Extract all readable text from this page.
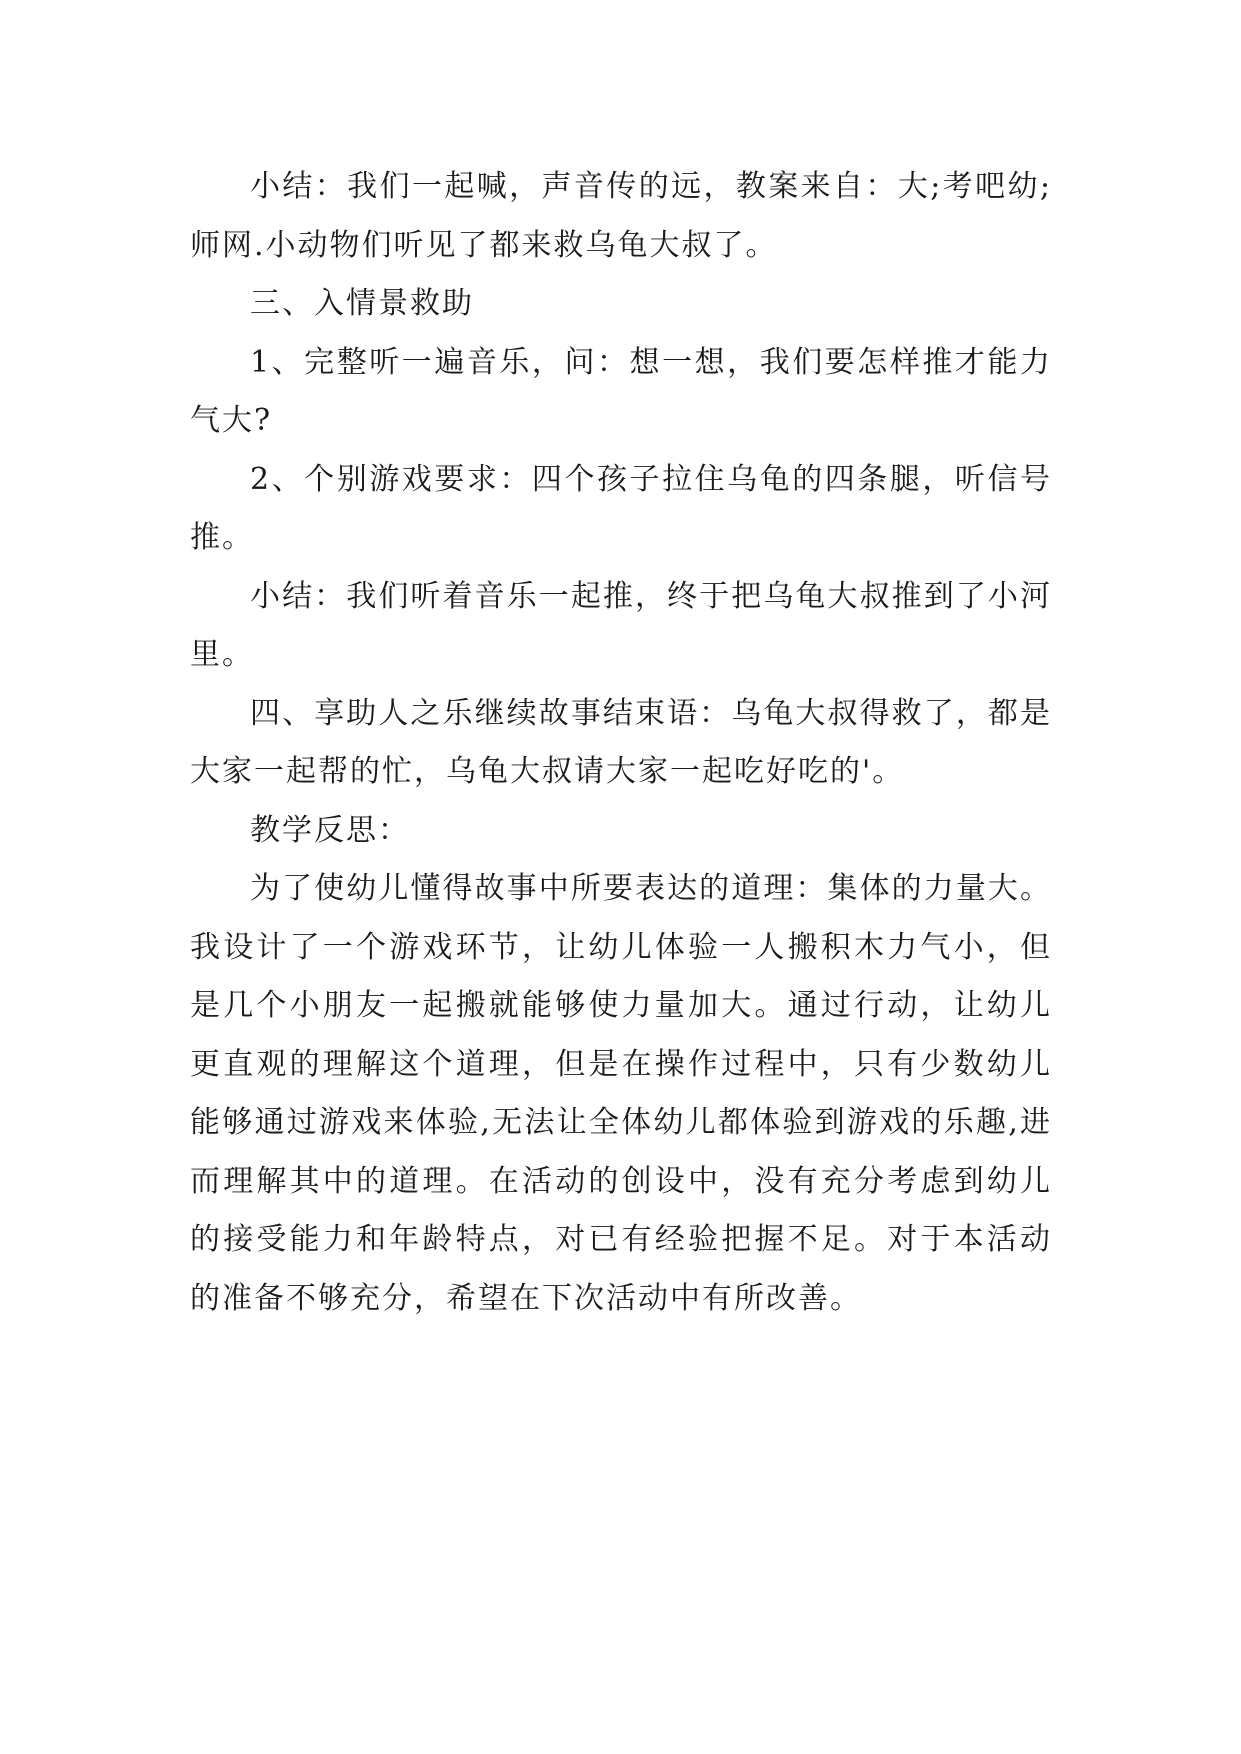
小结：我们一起喊，声音传的远，教案来自：大;考吧幼;师网.小动物们听见了都来救乌龟大叔了。

三、入情景救助

1、完整听一遍音乐，问：想一想，我们要怎样推才能力气大?

2、个别游戏要求：四个孩子拉住乌龟的四条腿，听信号推。

小结：我们听着音乐一起推，终于把乌龟大叔推到了小河里。

四、享助人之乐继续故事结束语：乌龟大叔得救了，都是大家一起帮的忙，乌龟大叔请大家一起吃好吃的'。

教学反思：

为了使幼儿懂得故事中所要表达的道理：集体的力量大。我设计了一个游戏环节，让幼儿体验一人搬积木力气小，但是几个小朋友一起搬就能够使力量加大。通过行动，让幼儿更直观的理解这个道理，但是在操作过程中，只有少数幼儿能够通过游戏来体验,无法让全体幼儿都体验到游戏的乐趣,进而理解其中的道理。在活动的创设中，没有充分考虑到幼儿的接受能力和年龄特点，对已有经验把握不足。对于本活动的准备不够充分，希望在下次活动中有所改善。
